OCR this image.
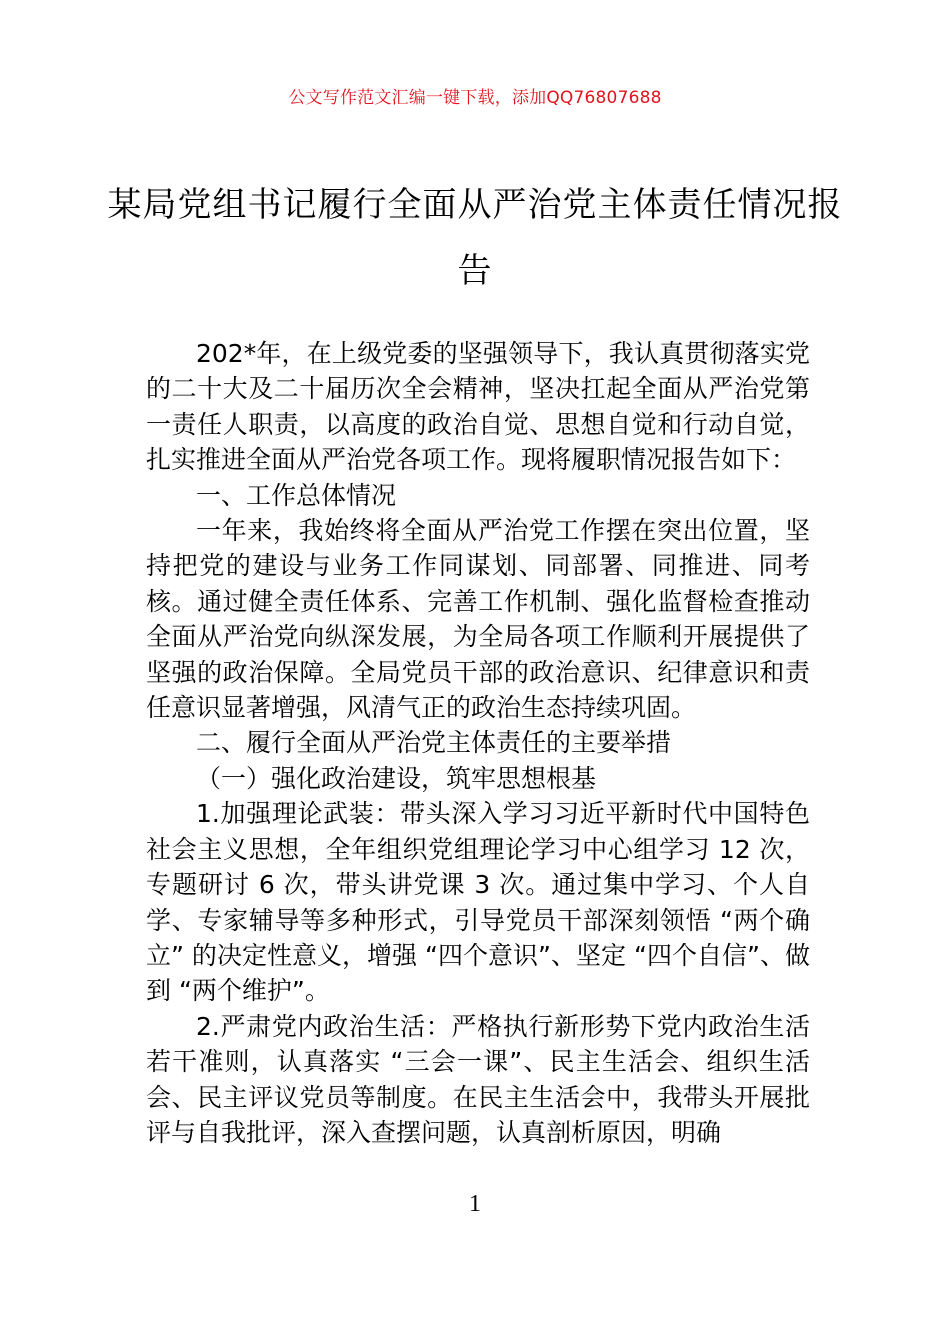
公文写作范文汇编一键下载，添加QQ76807688
某局党组书记履行全面从严治党主体责任情况报告

202*年，在上级党委的坚强领导下，我认真贯彻落实党的二十大及二十届历次全会精神，坚决扛起全面从严治党第一责任人职责，以高度的政治自觉、思想自觉和行动自觉，扎实推进全面从严治党各项工作。现将履职情况报告如下：

一、工作总体情况

一年来，我始终将全面从严治党工作摆在突出位置，坚持把党的建设与业务工作同谋划、同部署、同推进、同考核。通过健全责任体系、完善工作机制、强化监督检查推动全面从严治党向纵深发展，为全局各项工作顺利开展提供了坚强的政治保障。全局党员干部的政治意识、纪律意识和责任意识显著增强，风清气正的政治生态持续巩固。

二、履行全面从严治党主体责任的主要举措

（一）强化政治建设，筑牢思想根基

1.加强理论武装：带头深入学习习近平新时代中国特色社会主义思想，全年组织党组理论学习中心组学习 12 次，专题研讨 6 次，带头讲党课 3 次。通过集中学习、个人自学、专家辅导等多种形式，引导党员干部深刻领悟 “两个确立” 的决定性意义，增强 “四个意识”、坚定 “四个自信”、做到 “两个维护”。

2.严肃党内政治生活：严格执行新形势下党内政治生活若干准则，认真落实 “三会一课”、民主生活会、组织生活会、民主评议党员等制度。在民主生活会中，我带头开展批评与自我批评，深入查摆问题，认真剖析原因，明确

1
